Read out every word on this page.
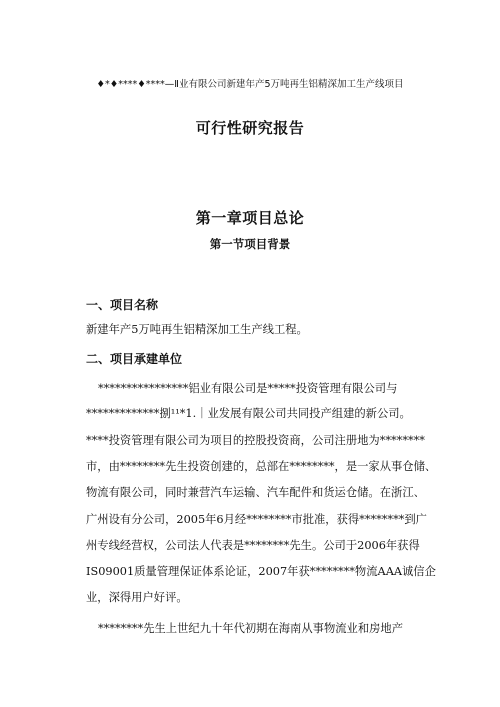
♦*♦****♦****—Ⅱ业有限公司新建年产5万吨再生铝精深加工生产线项目
可行性研究报告
第一章项目总论
第一节项目背景
一、项目名称
新建年产5万吨再生铝精深加工生产线工程。
二、项目承建单位
****************铝业有限公司是*****投资管理有限公司与
*************捌¹¹*1.｜业发展有限公司共同投产组建的新公司。
****投资管理有限公司为项目的控股投资商，公司注册地为********
市，由********先生投资创建的，总部在********，是一家从事仓储、
物流有限公司，同时兼营汽车运输、汽车配件和货运仓储。在浙江、
广州设有分公司，2005年6月经********市批准，获得********到广
州专线经营权，公司法人代表是********先生。公司于2006年获得
IS09001质量管理保证体系论证，2007年获********物流AAA诚信企
业，深得用户好评。
********先生上世纪九十年代初期在海南从事物流业和房地产
